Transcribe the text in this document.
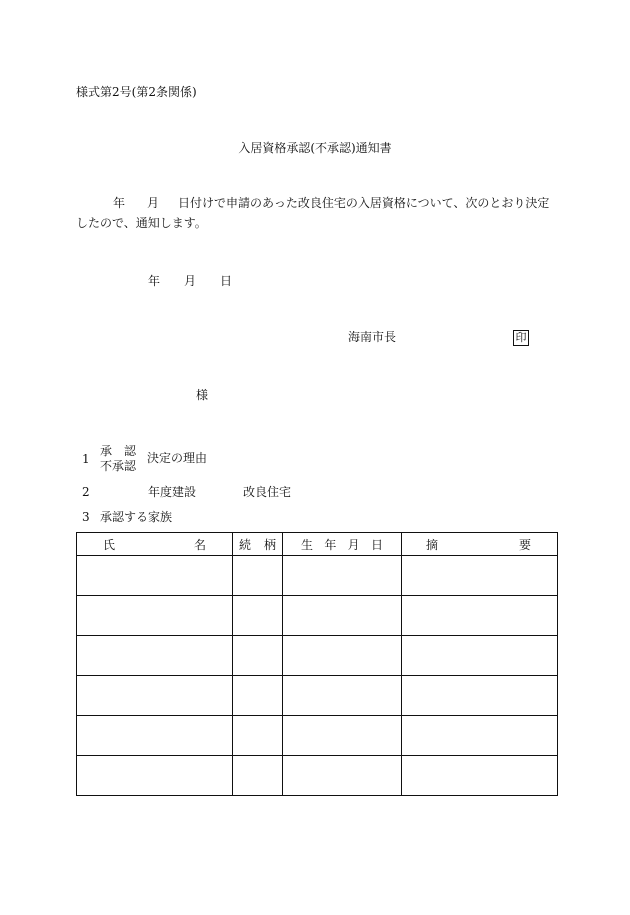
様式第2号(第2条関係)
入居資格承認(不承認)通知書
年 月 日付けで申請のあった改良住宅の入居資格について、次のとおり決定
したので、通知します。
年 月 日
海南市長	印
様
1
承 認
不承認
決定の理由
2	年度建設	改良住宅
3 承認する家族
氏 名	続 柄	生 年 月 日	摘 要
